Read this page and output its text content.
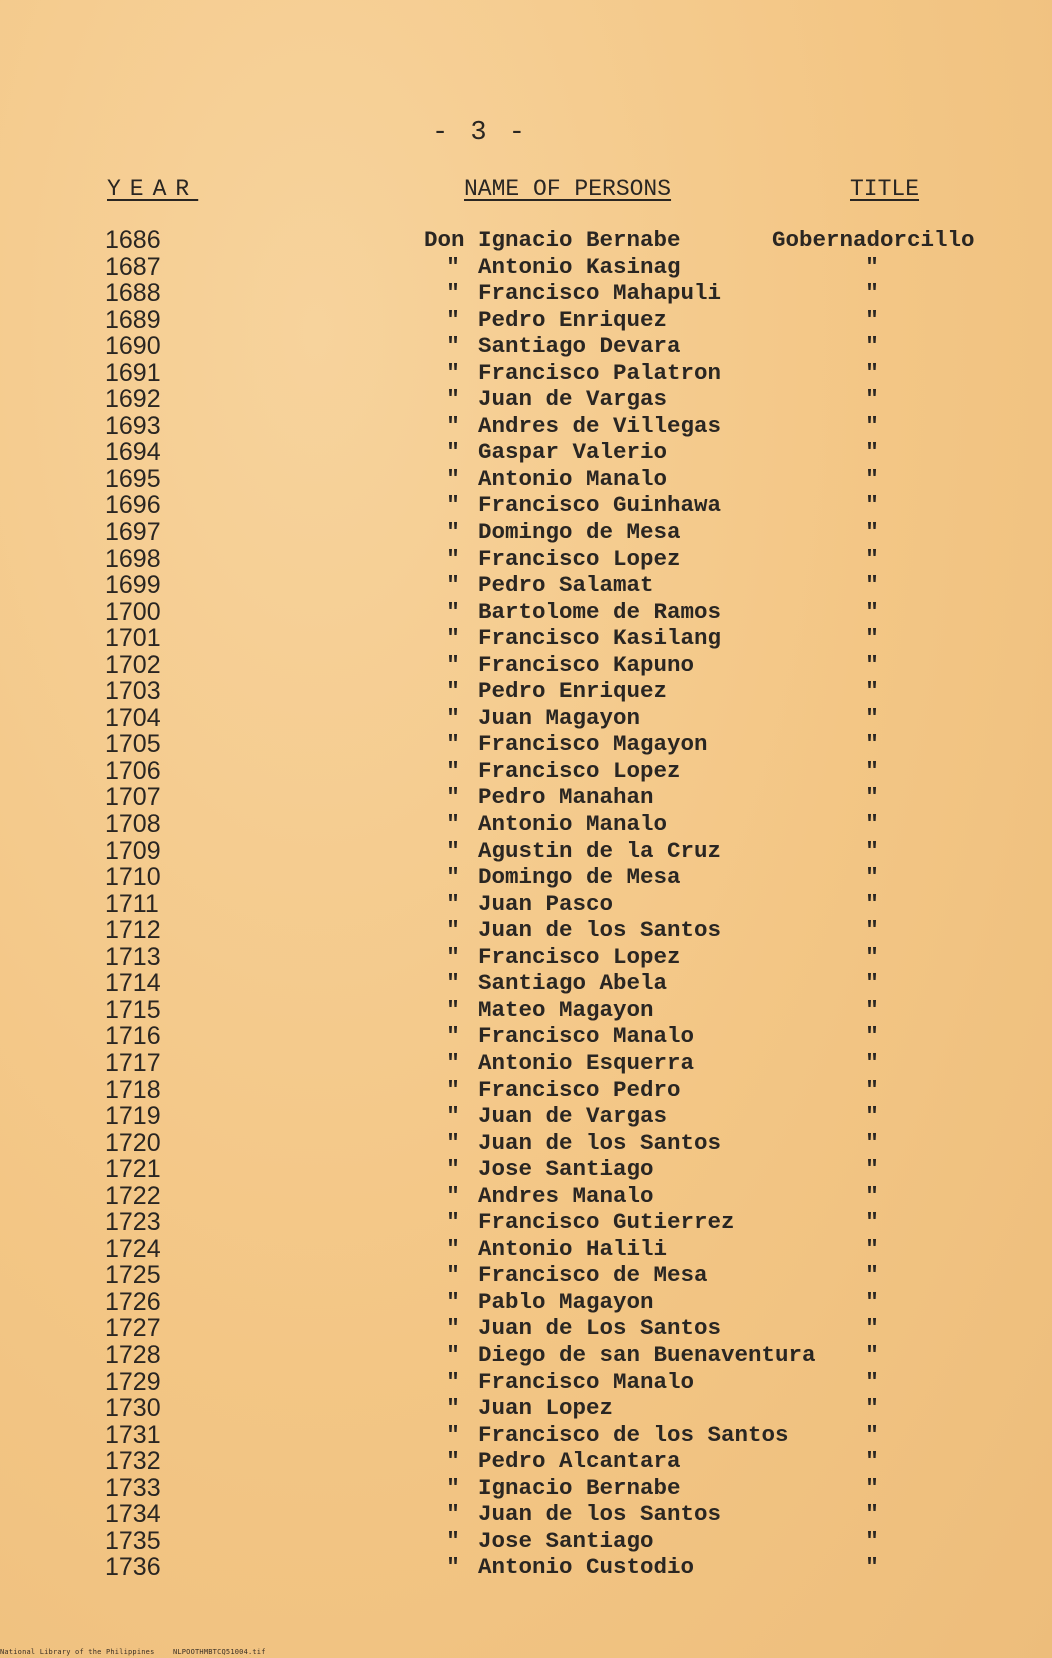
- 3 -
YEAR	NAME OF PERSONS	TITLE
1686	Don Ignacio Bernabe	Gobernadorcillo
1687	" Antonio Kasinag	"
1688	" Francisco Mahapuli	"
1689	" Pedro Enriquez	"
1690	" Santiago Devara	"
1691	" Francisco Palatron	"
1692	" Juan de Vargas	"
1693	" Andres de Villegas	"
1694	" Gaspar Valerio	"
1695	" Antonio Manalo	"
1696	" Francisco Guinhawa	"
1697	" Domingo de Mesa	"
1698	" Francisco Lopez	"
1699	" Pedro Salamat	"
1700	" Bartolome de Ramos	"
1701	" Francisco Kasilang	"
1702	" Francisco Kapuno	"
1703	" Pedro Enriquez	"
1704	" Juan Magayon	"
1705	" Francisco Magayon	"
1706	" Francisco Lopez	"
1707	" Pedro Manahan	"
1708	" Antonio Manalo	"
1709	" Agustin de la Cruz	"
1710	" Domingo de Mesa	"
1711	" Juan Pasco	"
1712	" Juan de los Santos	"
1713	" Francisco Lopez	"
1714	" Santiago Abela	"
1715	" Mateo Magayon	"
1716	" Francisco Manalo	"
1717	" Antonio Esquerra	"
1718	" Francisco Pedro	"
1719	" Juan de Vargas	"
1720	" Juan de los Santos	"
1721	" Jose Santiago	"
1722	" Andres Manalo	"
1723	" Francisco Gutierrez	"
1724	" Antonio Halili	"
1725	" Francisco de Mesa	"
1726	" Pablo Magayon	"
1727	" Juan de Los Santos	"
1728	" Diego de san Buenaventura	"
1729	" Francisco Manalo	"
1730	" Juan Lopez	"
1731	" Francisco de los Santos	"
1732	" Pedro Alcantara	"
1733	" Ignacio Bernabe	"
1734	" Juan de los Santos	"
1735	" Jose Santiago	"
1736	" Antonio Custodio	"
National Library of the Philippines	NLPOOTHMBTCQ51004.tif
